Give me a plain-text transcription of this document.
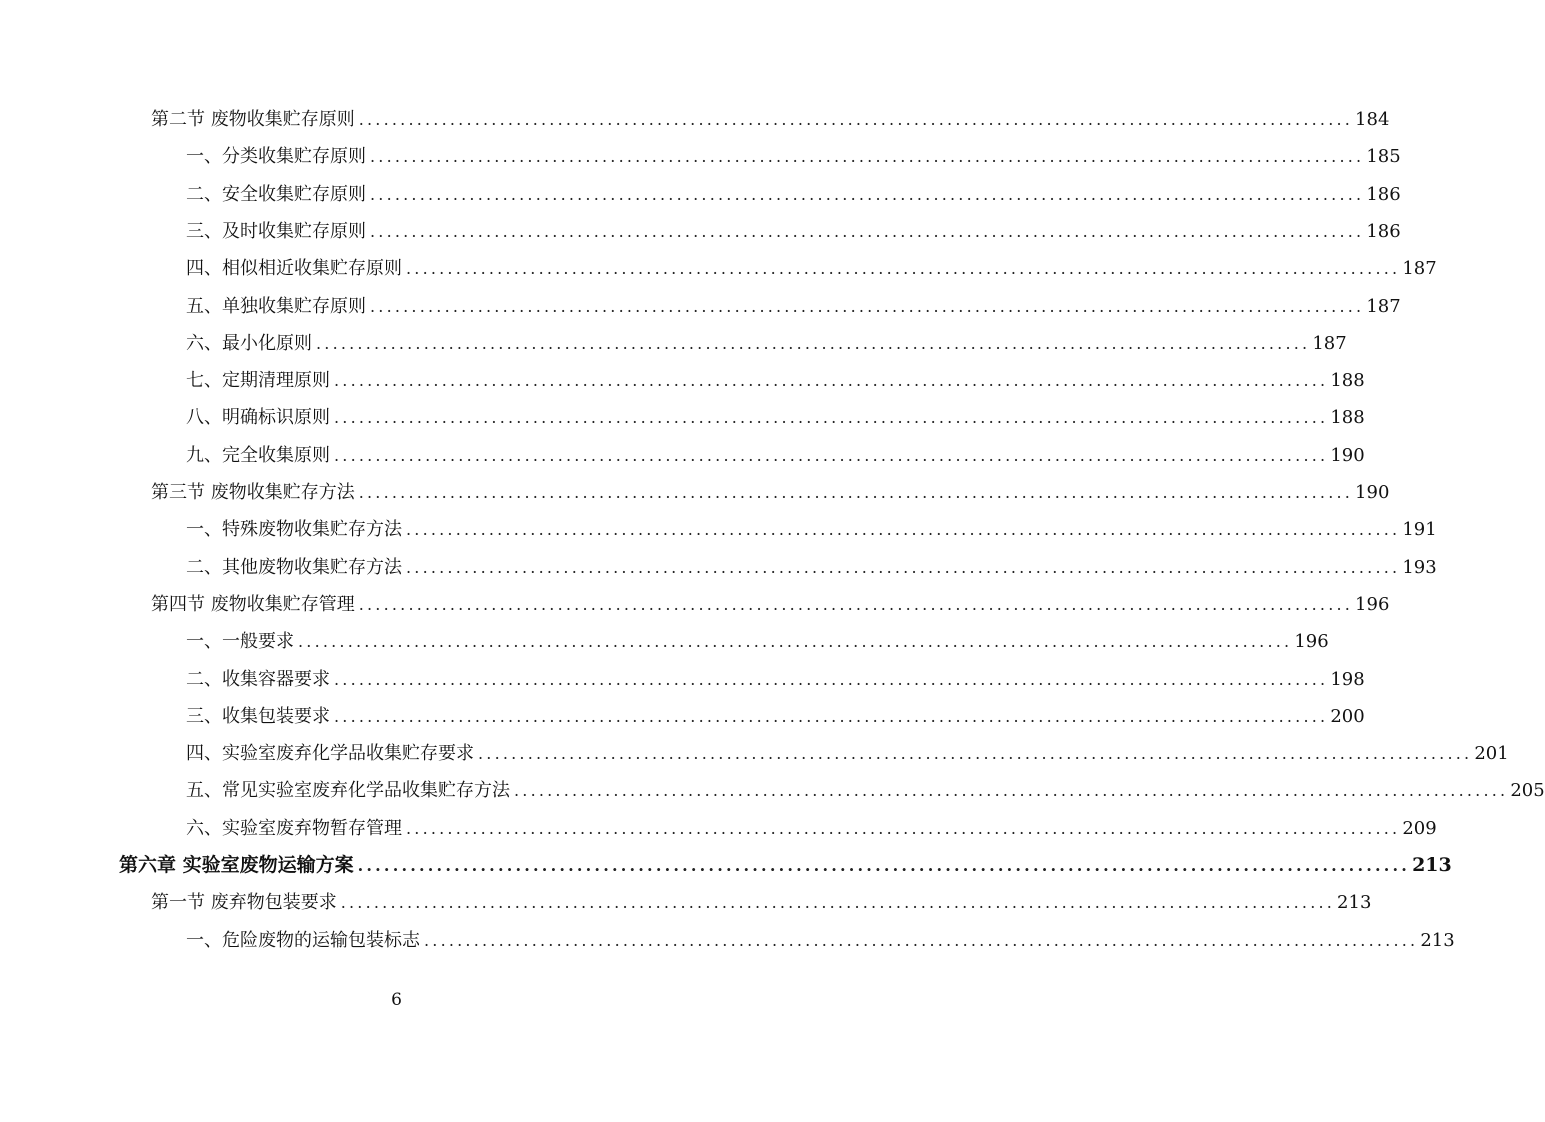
第二节 废物收集贮存原则 ........................................................................................................................ 184
一、分类收集贮存原则 ........................................................................................................................ 185
二、安全收集贮存原则 ........................................................................................................................ 186
三、及时收集贮存原则 ........................................................................................................................ 186
四、相似相近收集贮存原则 ........................................................................................................................ 187
五、单独收集贮存原则 ........................................................................................................................ 187
六、最小化原则 ........................................................................................................................ 187
七、定期清理原则 ........................................................................................................................ 188
八、明确标识原则 ........................................................................................................................ 188
九、完全收集原则 ........................................................................................................................ 190
第三节 废物收集贮存方法 ........................................................................................................................ 190
一、特殊废物收集贮存方法 ........................................................................................................................ 191
二、其他废物收集贮存方法 ........................................................................................................................ 193
第四节 废物收集贮存管理 ........................................................................................................................ 196
一、一般要求 ........................................................................................................................ 196
二、收集容器要求 ........................................................................................................................ 198
三、收集包装要求 ........................................................................................................................ 200
四、实验室废弃化学品收集贮存要求 ........................................................................................................................ 201
五、常见实验室废弃化学品收集贮存方法 ........................................................................................................................ 205
六、实验室废弃物暂存管理 ........................................................................................................................ 209
第六章 实验室废物运输方案 ........................................................................................................................ 213
第一节 废弃物包装要求 ........................................................................................................................ 213
一、危险废物的运输包装标志 ........................................................................................................................ 213
6
